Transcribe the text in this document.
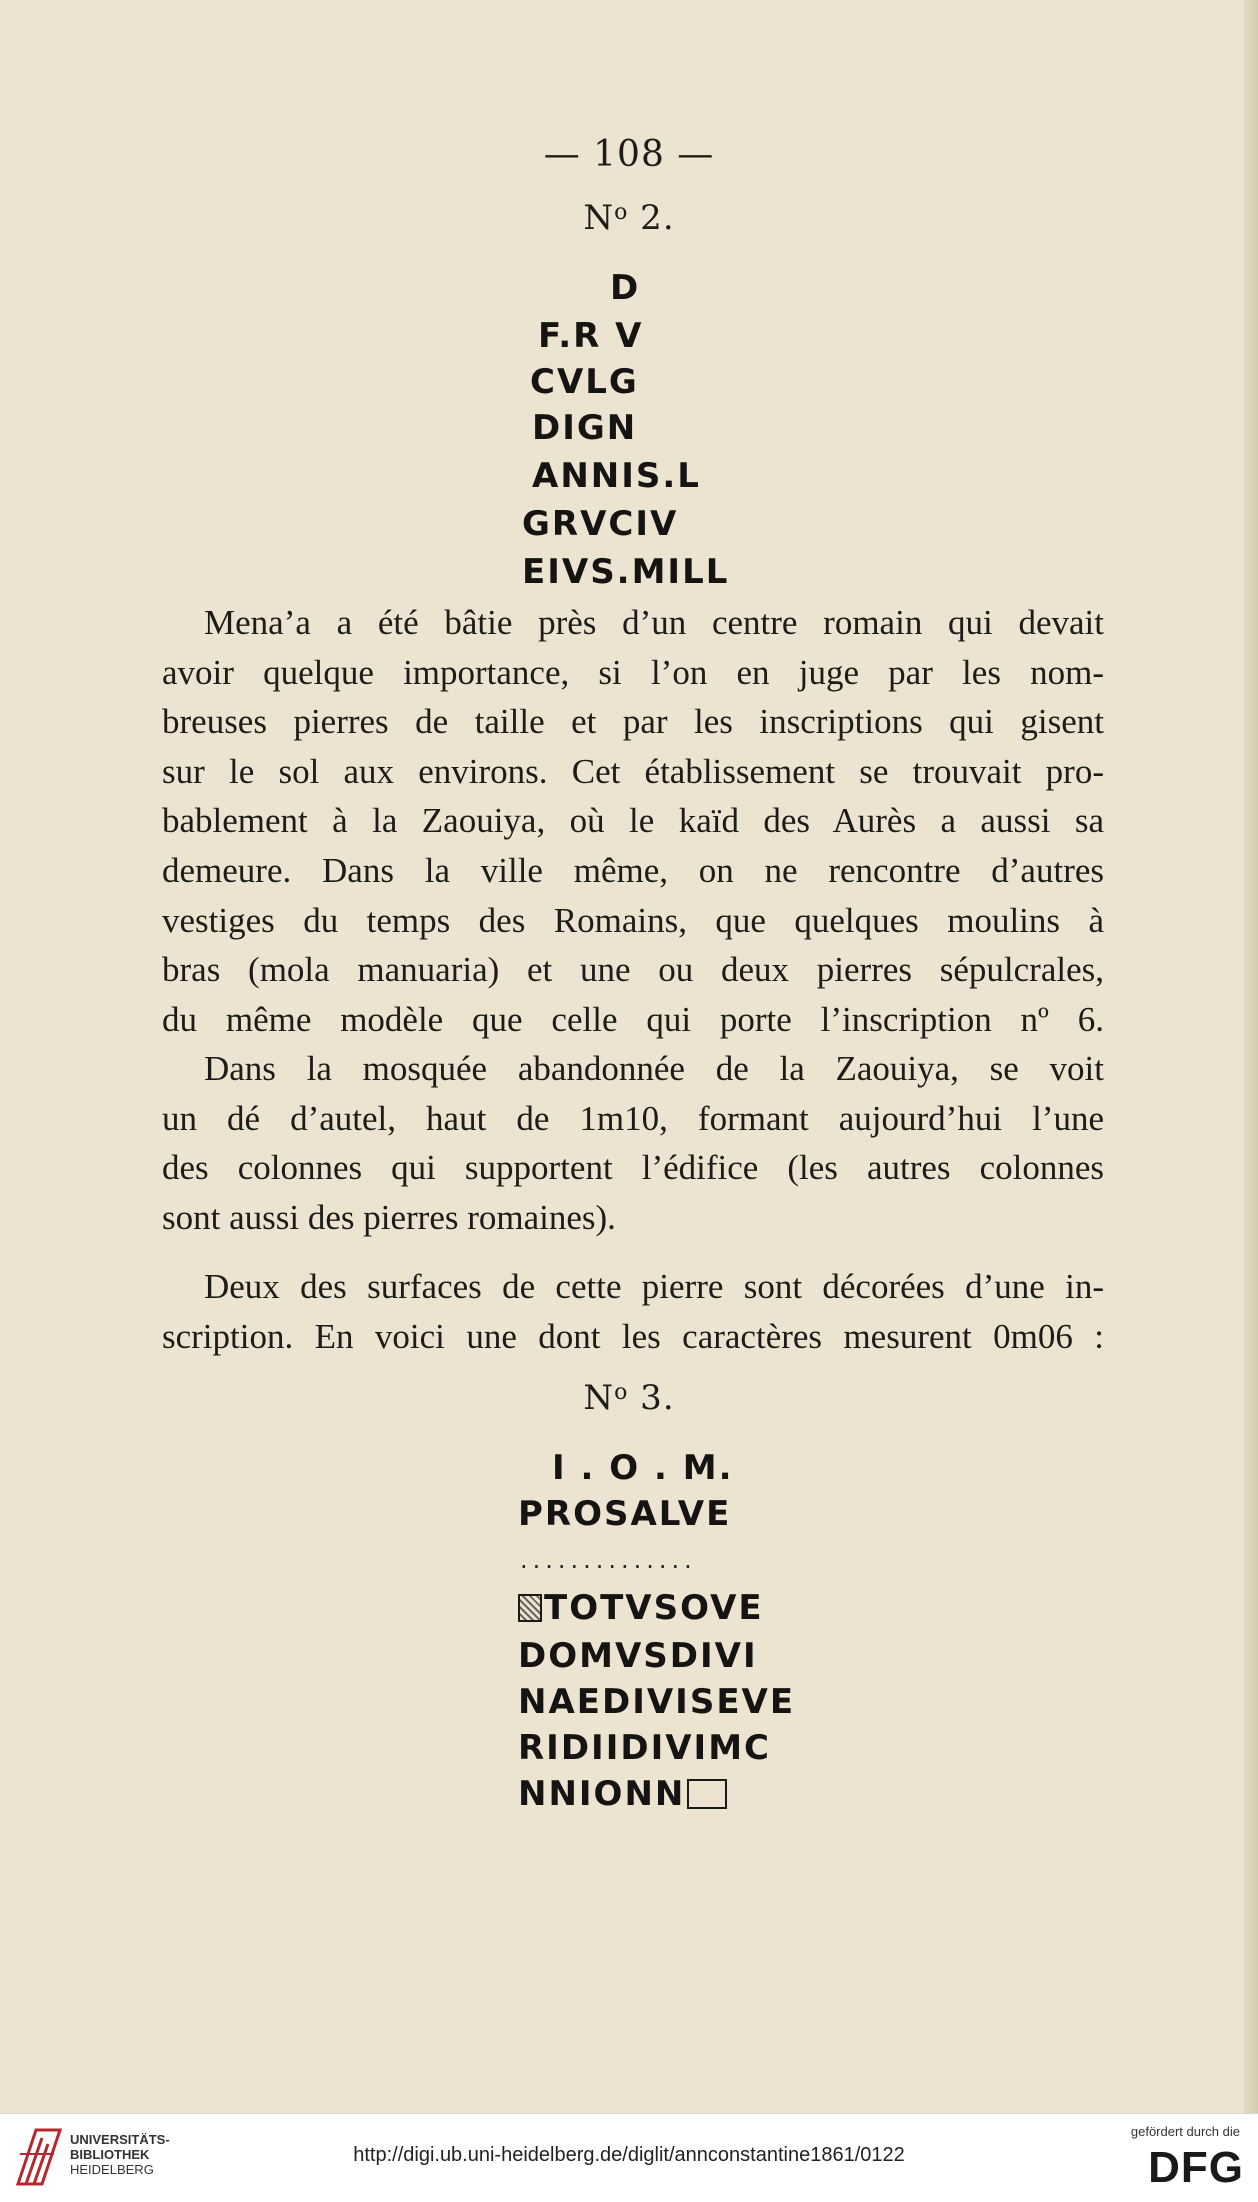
— 108 —
$N^o$ 2.
D
F.R V
CVLG
DIGN
ANNIS.L
GRVCIV
EIVS.MILL
Mena’a a été bâtie près d’un centre romain qui devait
avoir quelque importance, si l’on en juge par les nom-
breuses pierres de taille et par les inscriptions qui gisent
sur le sol aux environs. Cet établissement se trouvait pro-
bablement à la Zaouiya, où le kaïd des Aurès a aussi sa
demeure. Dans la ville même, on ne rencontre d’autres
vestiges du temps des Romains, que quelques moulins à
bras (mola manuaria) et une ou deux pierres sépulcrales,
du même modèle que celle qui porte l’inscription nº 6.
Dans la mosquée abandonnée de la Zaouiya, se voit
un dé d’autel, haut de 1m10, formant aujourd’hui l’une
des colonnes qui supportent l’édifice (les autres colonnes
sont aussi des pierres romaines).
Deux des surfaces de cette pierre sont décorées d’une in-
scription. En voici une dont les caractères mesurent 0m06 :
$N^o$ 3.
I . O . M.
PROSALVE
..............
TOTVSOVE
DOMVSDIVI
NAEDIVISEVE
RIDIIDIVIMC
NNIONN
UNIVERSITÄTS-
BIBLIOTHEK
HEIDELBERG
http://digi.ub.uni-heidelberg.de/diglit/annconstantine1861/0122
gefördert durch die
DFG
